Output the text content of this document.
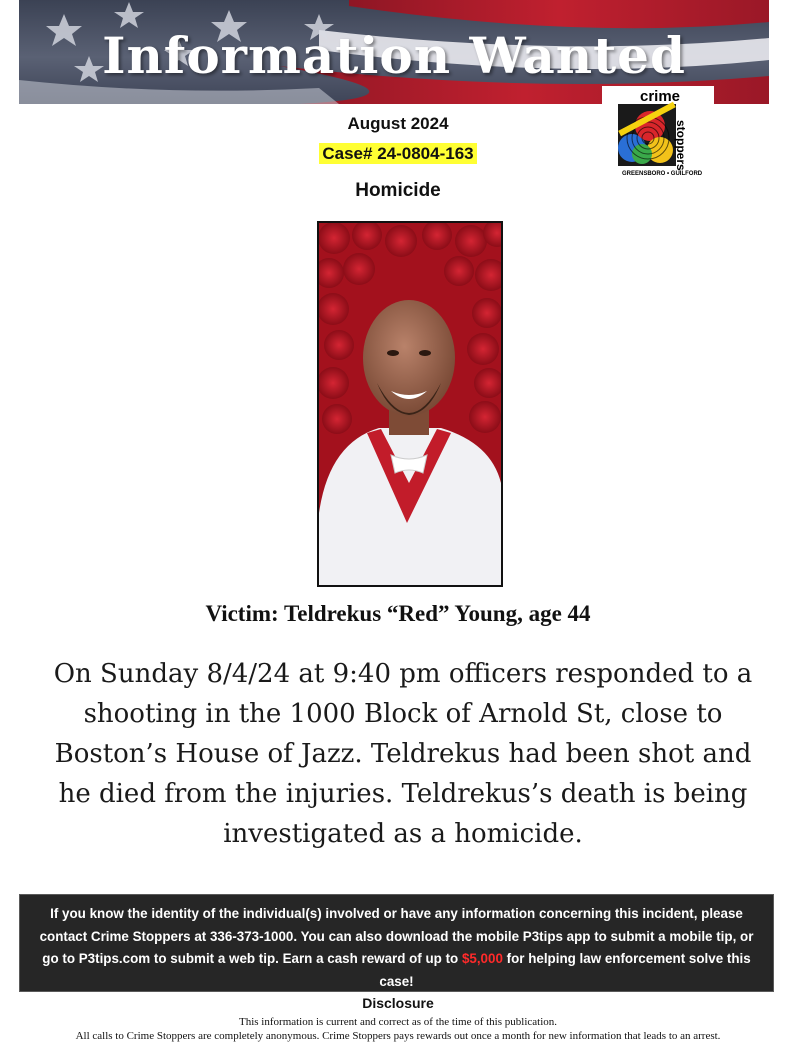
Information Wanted
crime
stoppers
GREENSBORO • GUILFORD
August 2024
Case# 24-0804-163
Homicide
Victim: Teldrekus “Red” Young, age 44
On Sunday 8/4/24 at 9:40 pm officers responded to a shooting in the 1000 Block of Arnold St, close to Boston’s House of Jazz. Teldrekus had been shot and he died from the injuries. Teldrekus’s death is being investigated as a homicide.
If you know the identity of the individual(s) involved or have any information concerning this incident, please contact Crime Stoppers at 336-373-1000. You can also download the mobile P3tips app to submit a mobile tip, or go to P3tips.com to submit a web tip. Earn a cash reward of up to $5,000 for helping law enforcement solve this case!
Disclosure
This information is current and correct as of the time of this publication.
All calls to Crime Stoppers are completely anonymous. Crime Stoppers pays rewards out once a month for new information that leads to an arrest.
